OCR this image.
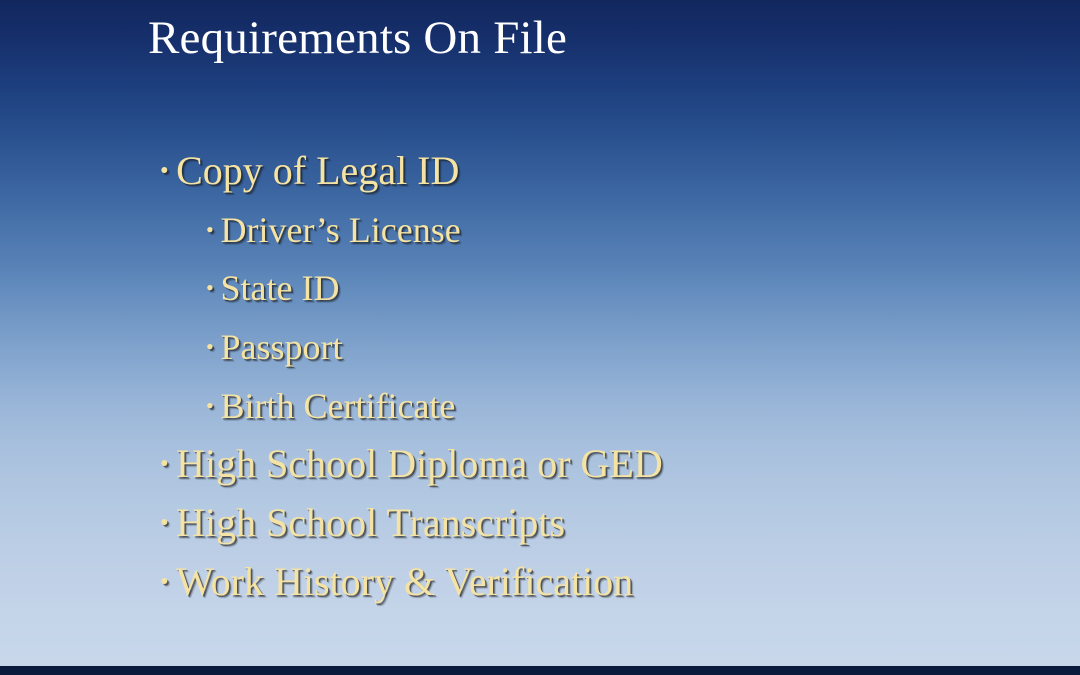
Requirements On File
• Copy of Legal ID
• Driver’s License
• State ID
• Passport
• Birth Certificate
• High School Diploma or GED
• High School Transcripts
• Work History & Verification
